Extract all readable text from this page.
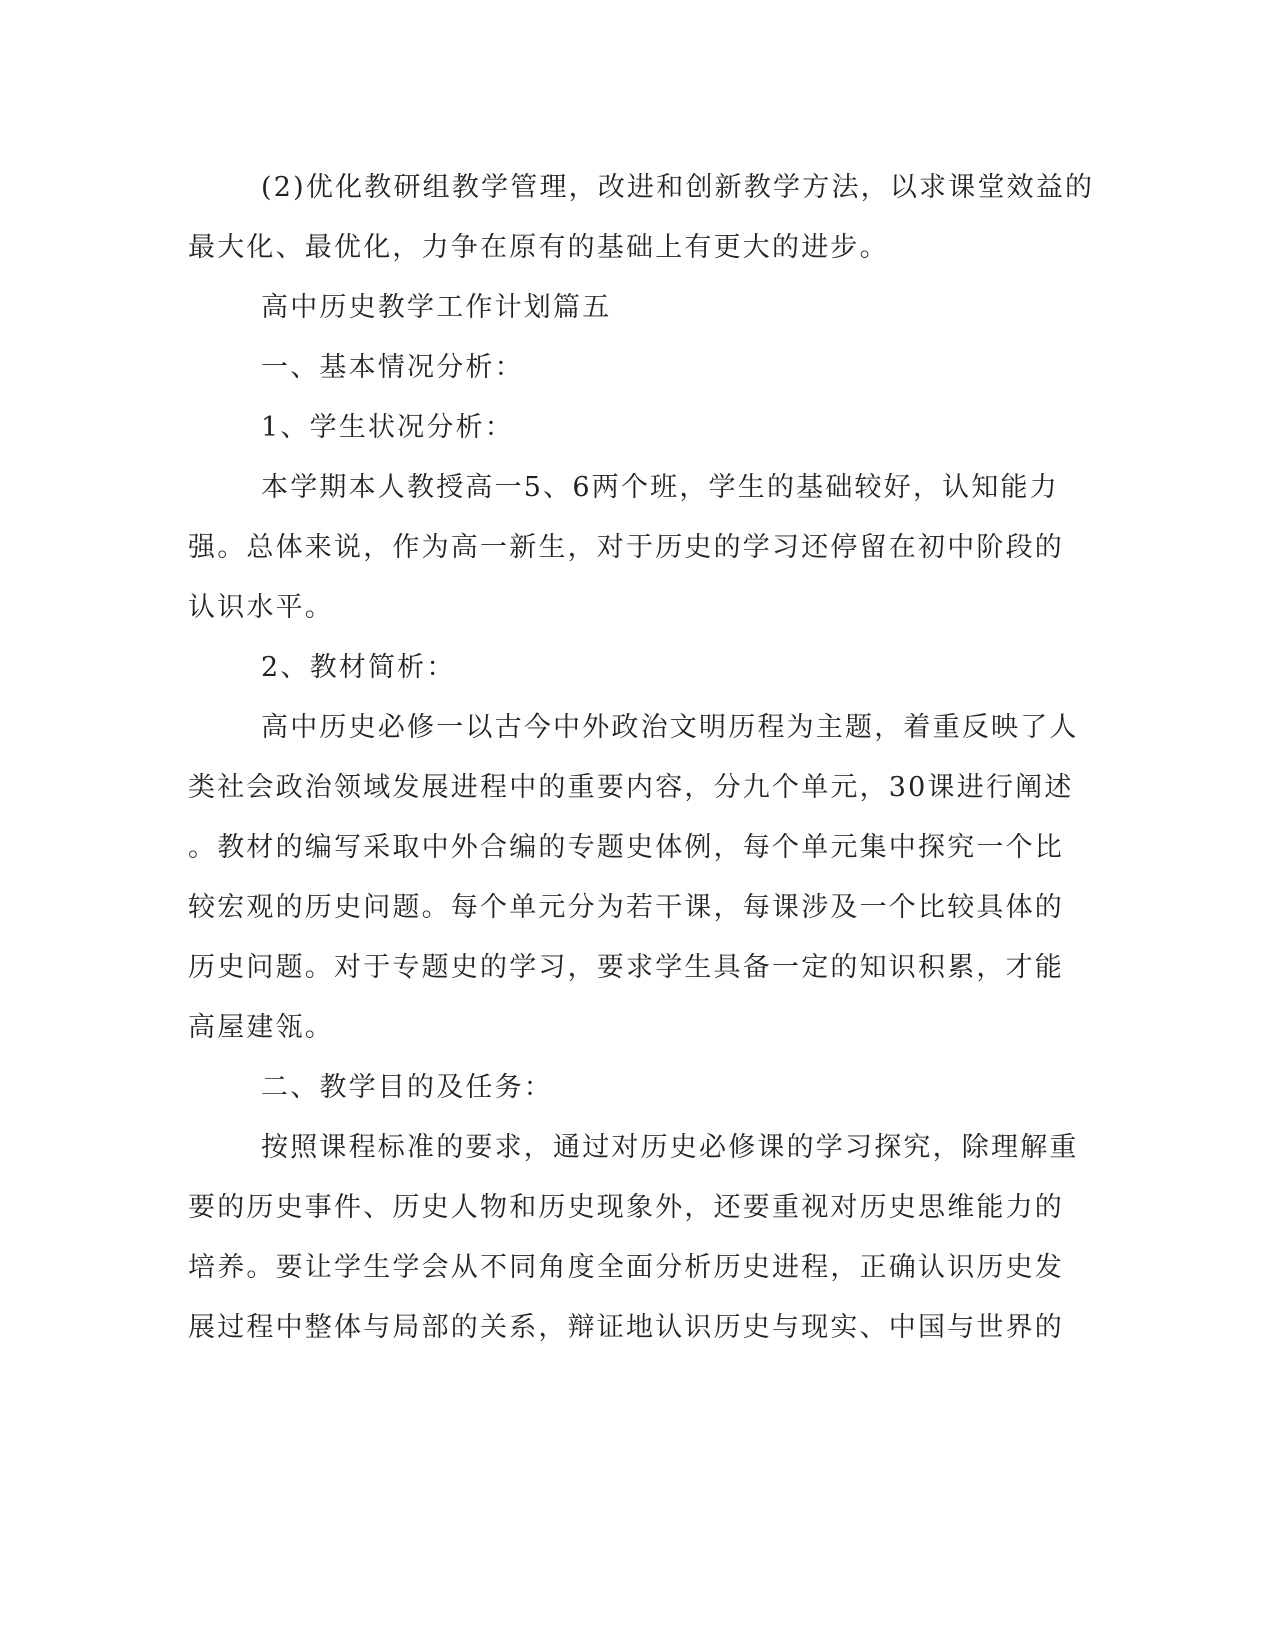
(2)优化教研组教学管理，改进和创新教学方法，以求课堂效益的
最大化、最优化，力争在原有的基础上有更大的进步。
高中历史教学工作计划篇五
一、基本情况分析：
1、学生状况分析：
本学期本人教授高一5、6两个班，学生的基础较好，认知能力
强。总体来说，作为高一新生，对于历史的学习还停留在初中阶段的
认识水平。
2、教材简析：
高中历史必修一以古今中外政治文明历程为主题，着重反映了人
类社会政治领域发展进程中的重要内容，分九个单元，30课进行阐述
。教材的编写采取中外合编的专题史体例，每个单元集中探究一个比
较宏观的历史问题。每个单元分为若干课，每课涉及一个比较具体的
历史问题。对于专题史的学习，要求学生具备一定的知识积累，才能
高屋建瓴。
二、教学目的及任务：
按照课程标准的要求，通过对历史必修课的学习探究，除理解重
要的历史事件、历史人物和历史现象外，还要重视对历史思维能力的
培养。要让学生学会从不同角度全面分析历史进程，正确认识历史发
展过程中整体与局部的关系，辩证地认识历史与现实、中国与世界的
